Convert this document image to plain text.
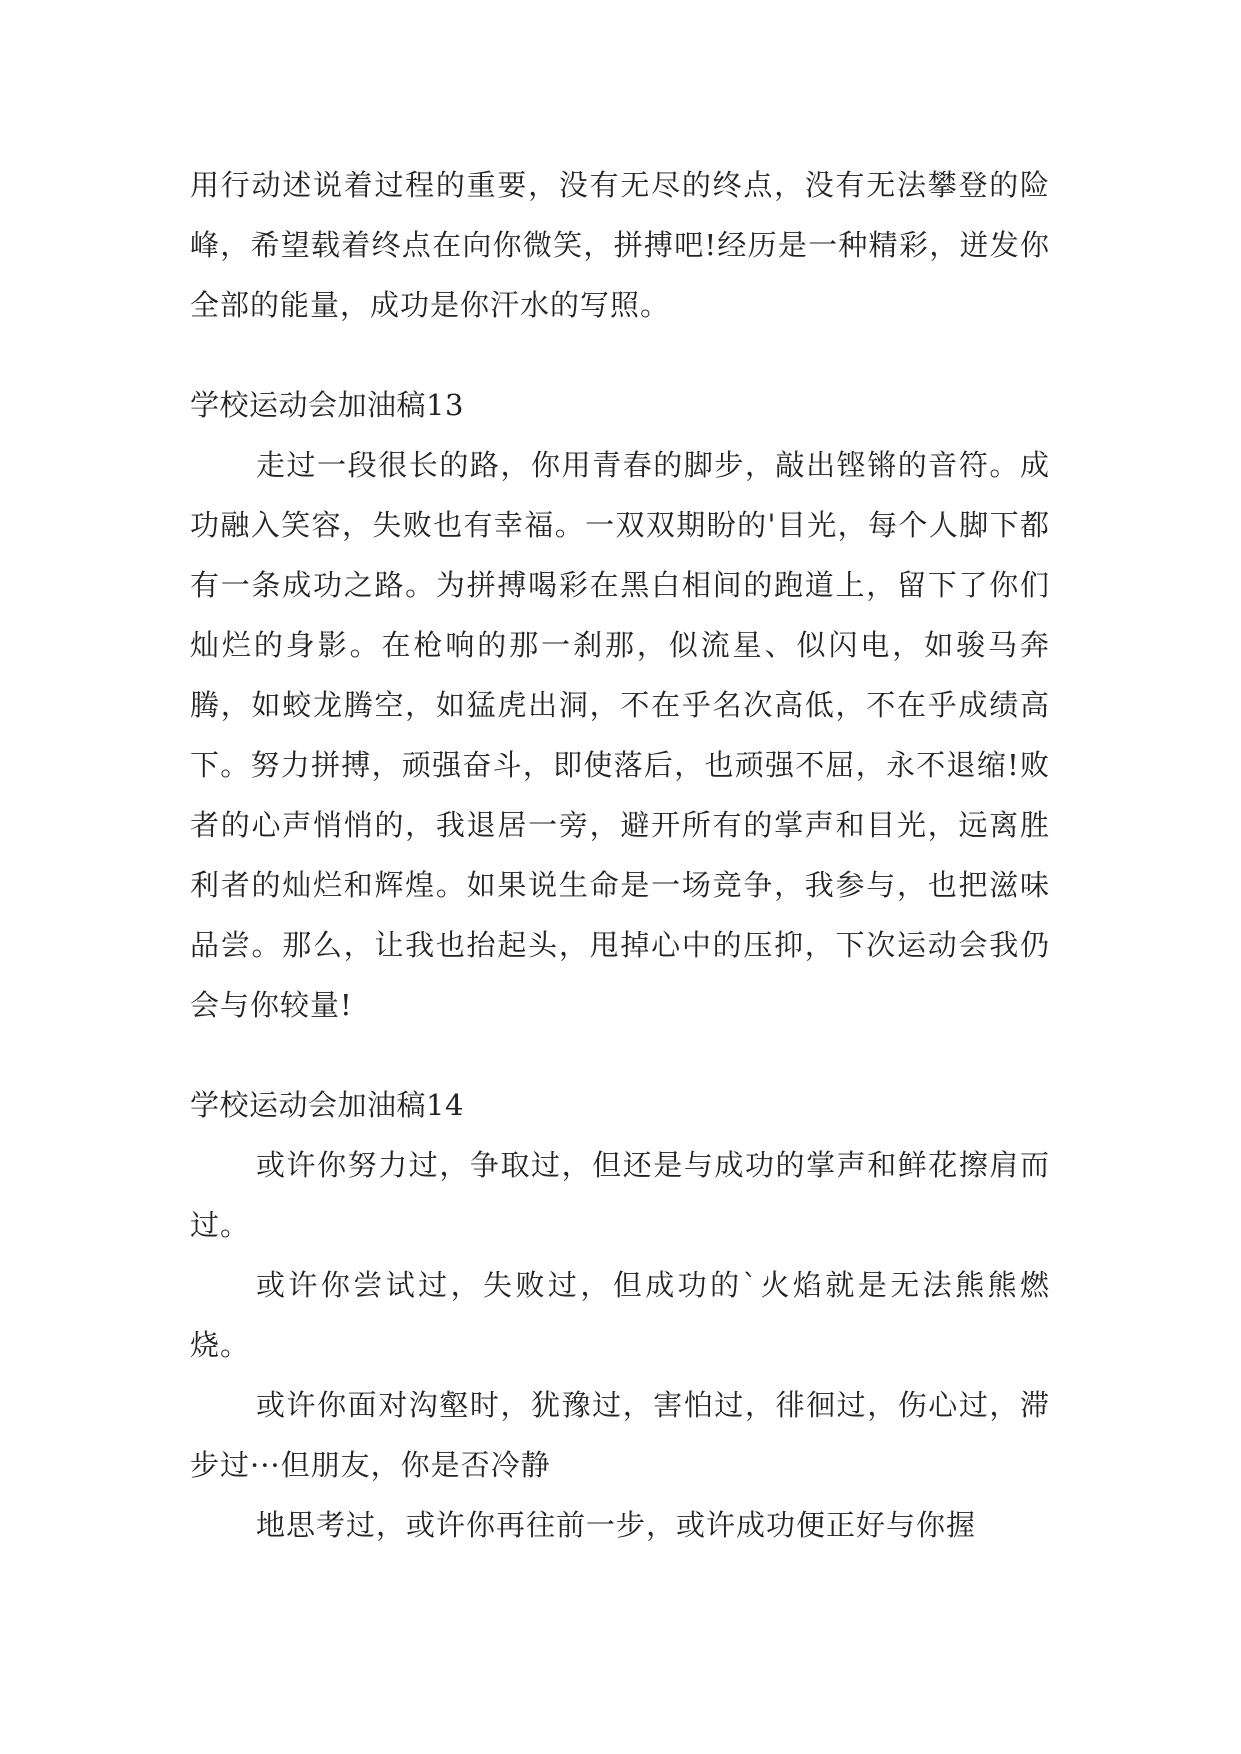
用行动述说着过程的重要，没有无尽的终点，没有无法攀登的险峰，希望载着终点在向你微笑，拼搏吧!经历是一种精彩，迸发你全部的能量，成功是你汗水的写照。

学校运动会加油稿13

走过一段很长的路，你用青春的脚步，敲出铿锵的音符。成功融入笑容，失败也有幸福。一双双期盼的'目光，每个人脚下都有一条成功之路。为拼搏喝彩在黑白相间的跑道上，留下了你们灿烂的身影。在枪响的那一刹那，似流星、似闪电，如骏马奔腾，如蛟龙腾空，如猛虎出洞，不在乎名次高低，不在乎成绩高下。努力拼搏，顽强奋斗，即使落后，也顽强不屈，永不退缩!败者的心声悄悄的，我退居一旁，避开所有的掌声和目光，远离胜利者的灿烂和辉煌。如果说生命是一场竞争，我参与，也把滋味品尝。那么，让我也抬起头，甩掉心中的压抑，下次运动会我仍会与你较量!

学校运动会加油稿14

或许你努力过，争取过，但还是与成功的掌声和鲜花擦肩而过。

或许你尝试过，失败过，但成功的`火焰就是无法熊熊燃烧。

或许你面对沟壑时，犹豫过，害怕过，徘徊过，伤心过，滞步过···但朋友，你是否冷静

地思考过，或许你再往前一步，或许成功便正好与你握
